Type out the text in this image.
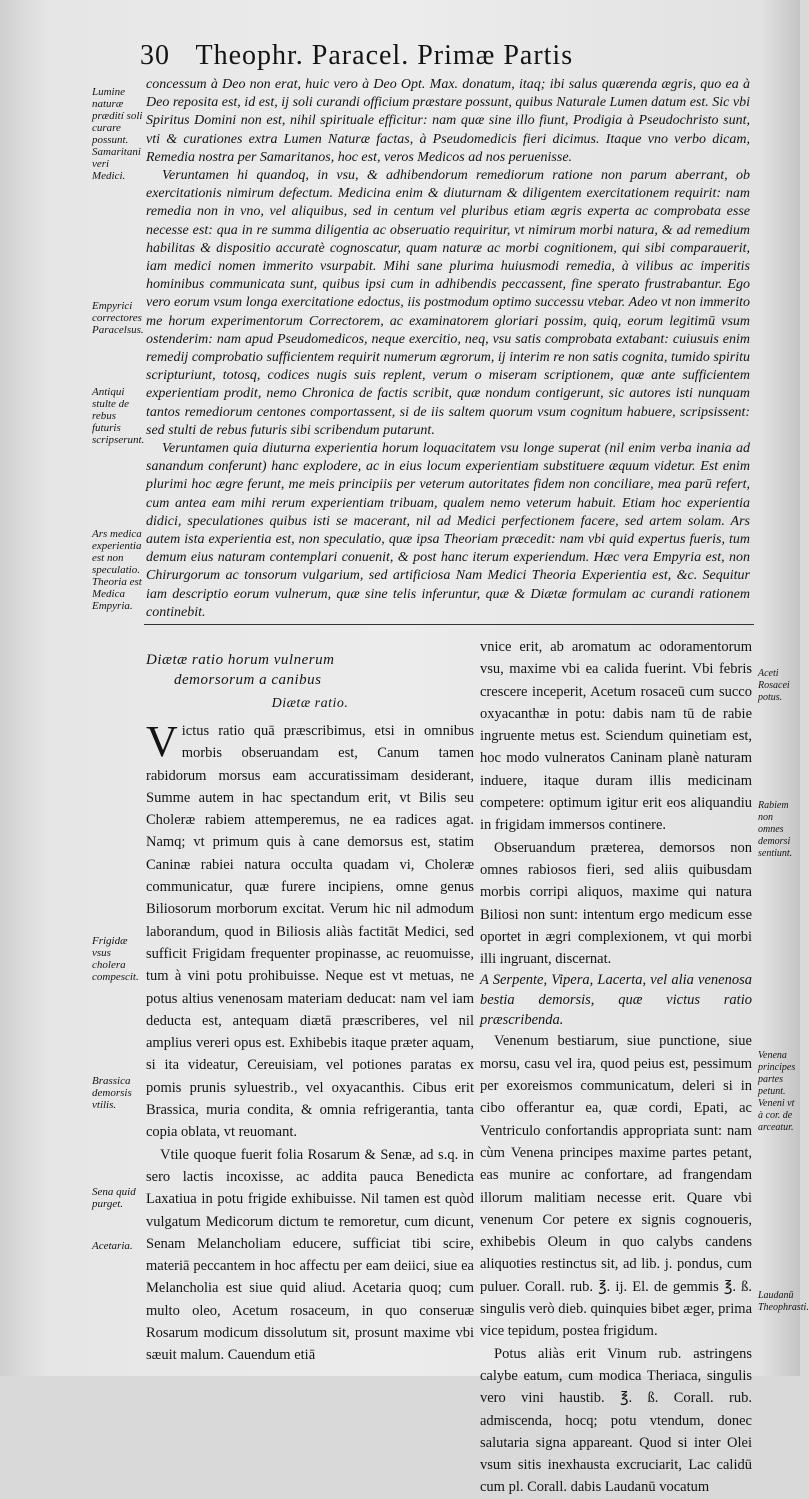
30 Theophr. Paracel. Primæ Partis
Lumine naturæ prædití soli curare possunt. Samaritani veri Medici.
Empyrici correctores Paracelsus.
Antiqui stulte de rebus futuris scripserunt.
Ars medica experientia est non speculatio. Theoria est Medica Empyria.
Aceti Rosacei potus.
Rabiem non omnes demorsi sentiunt.
Frigidæ vsus cholera compescit.
Brassica demorsis vtilis.
Sena quid purget.
Acetaria.
Venena principes partes petunt. Veneni vt à cor. de arceatur.
Laudanū Theophrasti.

concessum à Deo non erat, huic vero à Deo Opt. Max. donatum, itaq; ibi salus quærenda ægris, quo ea à Deo reposita est, id est, ij soli curandi officium præstare possunt, quibus Naturale Lumen datum est. Sic vbi Spiritus Domini non est, nihil spirituale efficitur: nam quæ sine illo fiunt, Prodigia à Pseudochristo sunt, vti & curationes extra Lumen Naturæ factas, à Pseudomedicis fieri dicimus. Itaque vno verbo dicam, Remedia nostra per Samaritanos, hoc est, veros Medicos ad nos peruenisse.

Veruntamen hi quandoq, in vsu, & adhibendorum remediorum ratione non parum aberrant, ob exercitationis nimirum defectum. Medicina enim & diuturnam & diligentem exercitationem requirit: nam remedia non in vno, vel aliquibus, sed in centum vel pluribus etiam ægris experta ac comprobata esse necesse est: qua in re summa diligentia ac obseruatio requiritur, vt nimirum morbi natura, & ad remedium habilitas & dispositio accuratè cognoscatur, quam naturæ ac morbi cognitionem, qui sibi comparauerit, iam medici nomen immerito vsurpabit. Mihi sane plurima huiusmodi remedia, à vilibus ac imperitis hominibus communicata sunt, quibus ipsi cum in adhibendis peccassent, fine sperato frustrabantur. Ego vero eorum vsum longa exercitatione edoctus, iis postmodum optimo successu vtebar. Adeo vt non immerito me horum experimentorum Correctorem, ac examinatorem gloriari possim, quiq, eorum legitimū vsum ostenderim: nam apud Pseudomedicos, neque exercitio, neq, vsu satis comprobata extabant: cuiusuis enim remedij comprobatio sufficientem requirit numerum ægrorum, ij interim re non satis cognita, tumido spiritu scripturiunt, totosq, codices nugis suis replent, verum o miseram scriptionem, quæ ante sufficientem experientiam prodit, nemo Chronica de factis scribit, quæ nondum contigerunt, sic autores isti nunquam tantos remediorum centones comportassent, si de iis saltem quorum vsum cognitum habuere, scripsissent: sed stulti de rebus futuris sibi scribendum putarunt.

Veruntamen quia diuturna experientia horum loquacitatem vsu longe superat (nil enim verba inania ad sanandum conferunt) hanc explodere, ac in eius locum experientiam substituere æquum videtur. Est enim plurimi hoc ægre ferunt, me meis principiis per veterum autoritates fidem non conciliare, mea parū refert, cum antea eam mihi rerum experientiam tribuam, qualem nemo veterum habuit. Etiam hoc experientia didici, speculationes quibus isti se macerant, nil ad Medici perfectionem facere, sed artem solam. Ars autem ista experientia est, non speculatio, quæ ipsa Theoriam præcedit: nam vbi quid expertus fueris, tum demum eius naturam contemplari conuenit, & post hanc iterum experiendum. Hæc vera Empyria est, non Chirurgorum ac tonsorum vulgarium, sed artificiosa Nam Medici Theoria Experientia est, &c. Sequitur iam descriptio eorum vulnerum, quæ sine telis inferuntur, quæ & Diætæ formulam ac curandi rationem continebit.

Diætæ ratio horum vulnerum
demorsorum a canibus
Diætæ ratio.

Victus ratio quā præscribimus, etsi in omnibus morbis obseruandam est, Canum tamen rabidorum morsus eam accuratissimam desiderant, Summe autem in hac spectandum erit, vt Bilis seu Choleræ rabiem attemperemus, ne ea radices agat. Namq; vt primum quis à cane demorsus est, statim Caninæ rabiei natura occulta quadam vi, Choleræ communicatur, quæ furere incipiens, omne genus Biliosorum morborum excitat. Verum hic nil admodum laborandum, quod in Biliosis aliàs factitāt Medici, sed sufficit Frigidam frequenter propinasse, ac reuomuisse, tum à vini potu prohibuisse. Neque est vt metuas, ne potus altius venenosam materiam deducat: nam vel iam deducta est, antequam diætā præscriberes, vel nil amplius vereri opus est. Exhibebis itaque præter aquam, si ita videatur, Cereuisiam, vel potiones paratas ex pomis prunis syluestrib., vel oxyacanthis. Cibus erit Brassica, muria condita, & omnia refrigerantia, tanta copia oblata, vt reuomant.

Vtile quoque fuerit folia Rosarum & Senæ, ad s.q. in sero lactis incoxisse, ac addita pauca Benedicta Laxatiua in potu frigide exhibuisse. Nil tamen est quòd vulgatum Medicorum dictum te remoretur, cum dicunt, Senam Melancholiam educere, sufficiat tibi scire, materiā peccantem in hoc affectu per eam deiici, siue ea Melancholia est siue quid aliud. Acetaria quoq; cum multo oleo, Acetum rosaceum, in quo conseruæ Rosarum modicum dissolutum sit, prosunt maxime vbi sæuit malum. Cauendum etiā

vnice erit, ab aromatum ac odoramentorum vsu, maxime vbi ea calida fuerint. Vbi febris crescere inceperit, Acetum rosaceū cum succo oxyacanthæ in potu: dabis nam tū de rabie ingruente metus est. Sciendum quinetiam est, hoc modo vulneratos Caninam planè naturam induere, itaque duram illis medicinam competere: optimum igitur erit eos aliquandiu in frigidam immersos continere.

Obseruandum præterea, demorsos non omnes rabiosos fieri, sed aliis quibusdam morbis corripi aliquos, maxime qui natura Biliosi non sunt: intentum ergo medicum esse oportet in ægri complexionem, vt qui morbi illi ingruant, discernat.

A Serpente, Vipera, Lacerta, vel alia venenosa bestia demorsis, quæ victus ratio præscribenda.

Venenum bestiarum, siue punctione, siue morsu, casu vel ira, quod peius est, pessimum per exoreismos communicatum, deleri si in cibo offerantur ea, quæ cordi, Epati, ac Ventriculo confortandis appropriata sunt: nam cùm Venena principes maxime partes petant, eas munire ac confortare, ad frangendam illorum malitiam necesse erit. Quare vbi venenum Cor petere ex signis cognoueris, exhibebis Oleum in quo calybs candens aliquoties restinctus sit, ad lib. j. pondus, cum puluer. Corall. rub. ℥. ij. El. de gemmis ℥. ß. singulis verò dieb. quinquies bibet æger, prima vice tepidum, postea frigidum.

Potus aliàs erit Vinum rub. astringens calybe eatum, cum modica Theriaca, singulis vero vini haustib. ℥. ß. Corall. rub. admiscenda, hocq; potu vtendum, donec salutaria signa appareant. Quod si inter Olei vsum sitis inexhausta excruciarit, Lac calidū cum pl. Corall. dabis Laudanū vocatum
